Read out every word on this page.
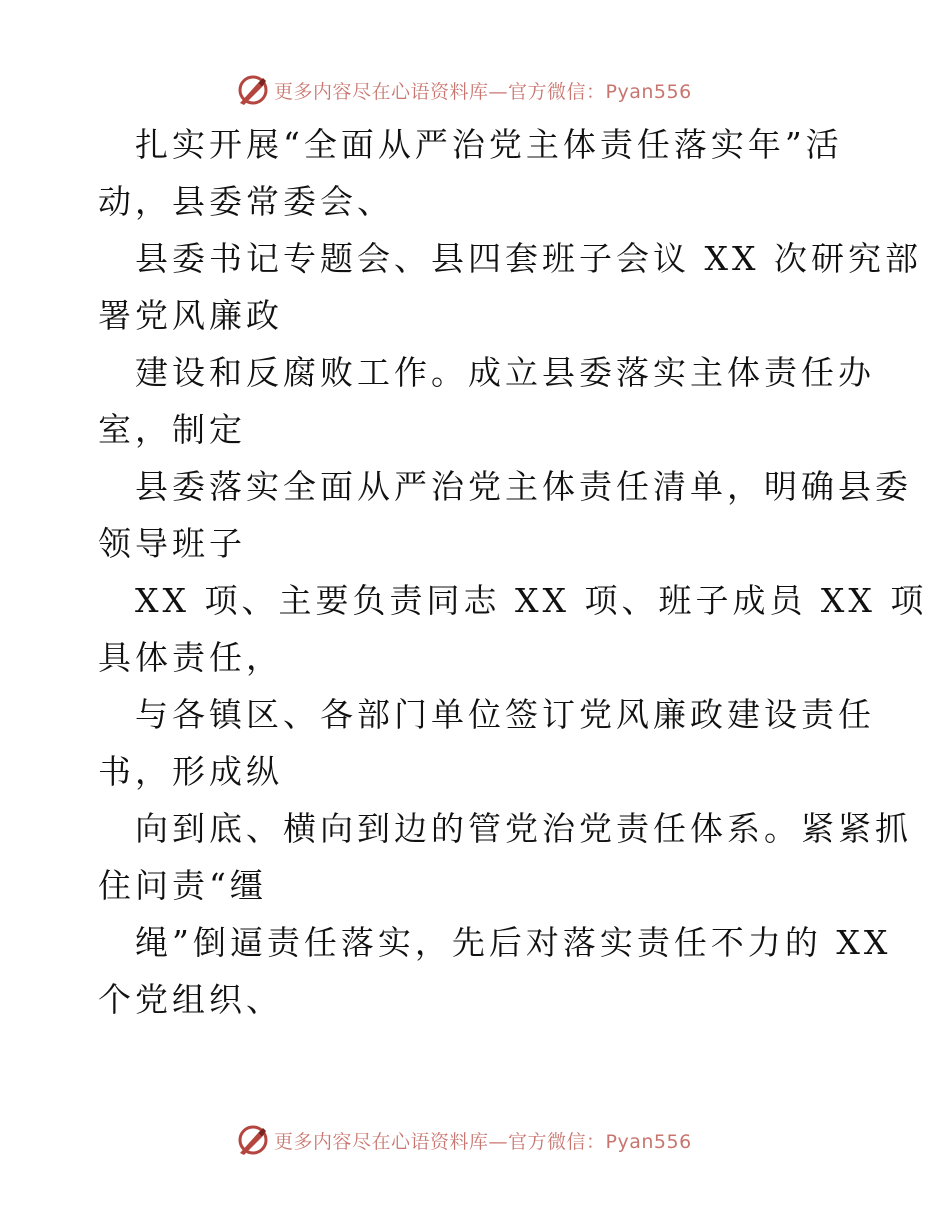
更多内容尽在心语资料库—官方微信：Pyan556
扎实开展“全面从严治党主体责任落实年”活
动，县委常委会、
县委书记专题会、县四套班子会议 XX 次研究部
署党风廉政
建设和反腐败工作。成立县委落实主体责任办
室，制定
县委落实全面从严治党主体责任清单，明确县委
领导班子
XX 项、主要负责同志 XX 项、班子成员 XX 项
具体责任，
与各镇区、各部门单位签订党风廉政建设责任
书，形成纵
向到底、横向到边的管党治党责任体系。紧紧抓
住问责“缰
绳”倒逼责任落实，先后对落实责任不力的 XX
个党组织、
更多内容尽在心语资料库—官方微信：Pyan556
